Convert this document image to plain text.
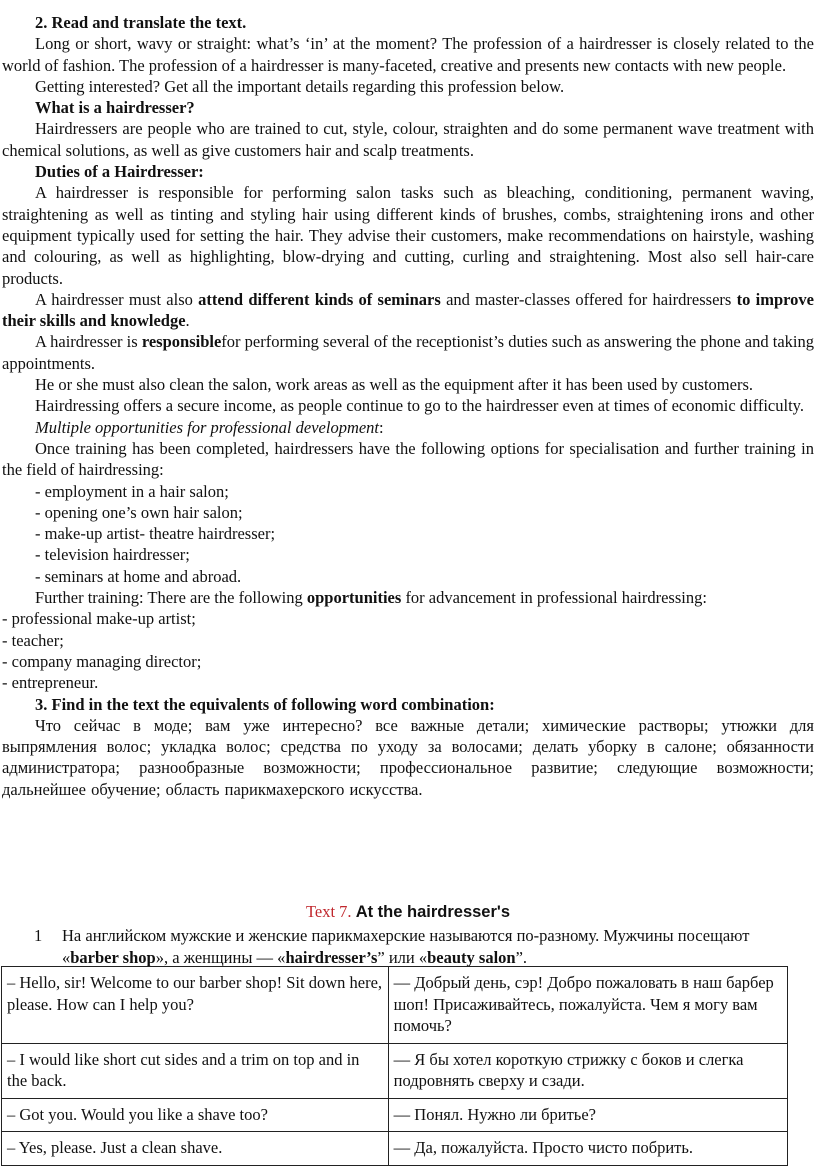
2. Read and translate the text.

Long or short, wavy or straight: what’s ‘in’ at the moment? The profession of a hairdresser is closely related to the world of fashion. The profession of a hairdresser is many-faceted, creative and presents new contacts with new people.

Getting interested? Get all the important details regarding this profession below.

What is a hairdresser?

Hairdressers are people who are trained to cut, style, colour, straighten and do some permanent wave treatment with chemical solutions, as well as give customers hair and scalp treatments.

Duties of a Hairdresser:

A hairdresser is responsible for performing salon tasks such as bleaching, conditioning, permanent waving, straightening as well as tinting and styling hair using different kinds of brushes, combs, straightening irons and other equipment typically used for setting the hair. They advise their customers, make recommendations on hairstyle, washing and colouring, as well as highlighting, blow-drying and cutting, curling and straightening. Most also sell hair-care products.

A hairdresser must also attend different kinds of seminars and master-classes offered for hairdressers to improve their skills and knowledge.

A hairdresser is responsiblefor performing several of the receptionist’s duties such as answering the phone and taking appointments.

He or she must also clean the salon, work areas as well as the equipment after it has been used by customers.

Hairdressing offers a secure income, as people continue to go to the hairdresser even at times of economic difficulty.

Multiple opportunities for professional development:

Once training has been completed, hairdressers have the following options for specialisation and further training in the field of hairdressing:

- employment in a hair salon;

- opening one’s own hair salon;

- make-up artist- theatre hairdresser;

- television hairdresser;

- seminars at home and abroad.

Further training: There are the following opportunities for advancement in professional hairdressing:

- professional make-up artist;

- teacher;

- company managing director;

- entrepreneur.

3. Find in the text the equivalents of following word combination:

Что сейчас в моде; вам уже интересно? все важные детали; химические растворы; утюжки для выпрямления волос; укладка волос; средства по уходу за волосами; делать уборку в салоне; обязанности администратора; разнообразные возможности; профессиональное развитие; следующие возможности; дальнейшее обучение; область парикмахерского искусства.

Text 7. At the hairdresser's
1 На английском мужские и женские парикмахерские называются по-разному. Мужчины посещают «barber shop», а женщины — «hairdresser’s” или «beauty salon”.
– Hello, sir! Welcome to our barber shop! Sit down here, please. How can I help you?	— Добрый день, сэр! Добро пожаловать в наш барбер шоп! Присаживайтесь, пожалуйста. Чем я могу вам помочь?
– I would like short cut sides and a trim on top and in the back.	— Я бы хотел короткую стрижку с боков и слегка подровнять сверху и сзади.
– Got you. Would you like a shave too?	— Понял. Нужно ли бритье?
– Yes, please. Just a clean shave.	— Да, пожалуйста. Просто чисто побрить.
